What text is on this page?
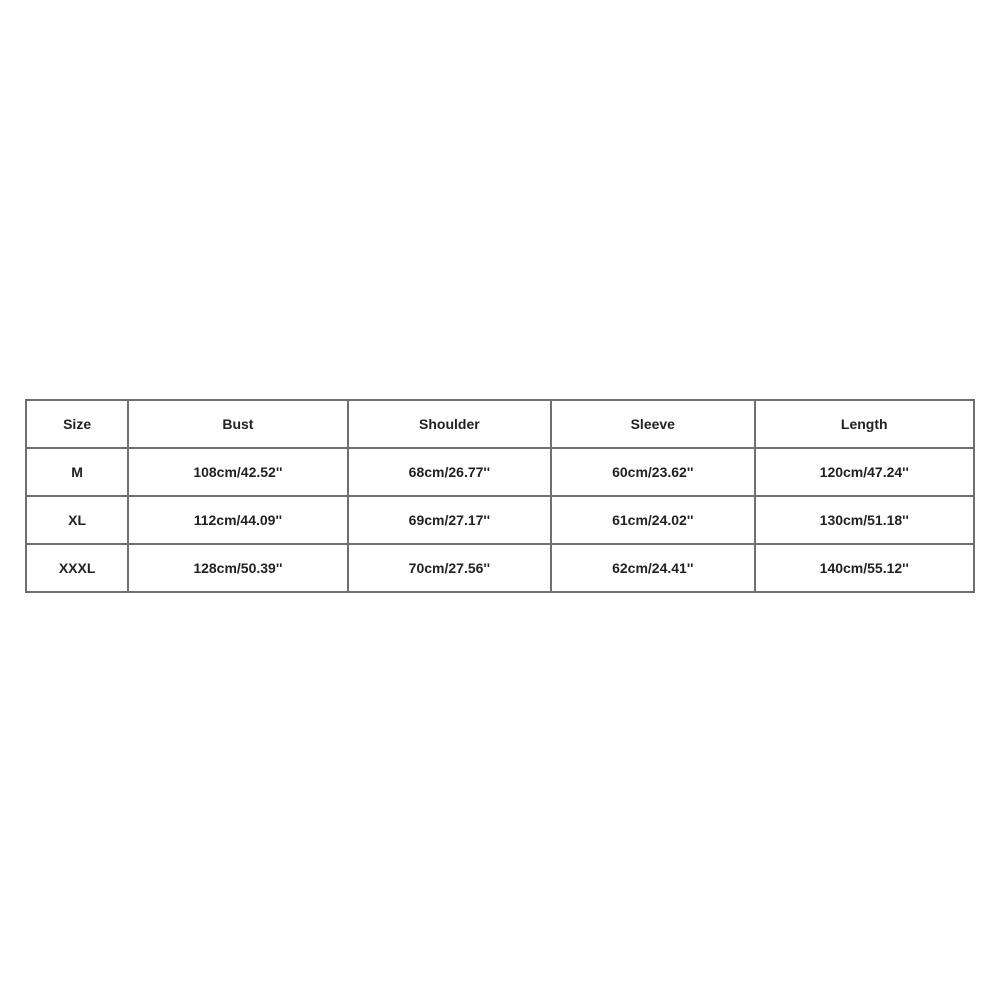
Size	Bust	Shoulder	Sleeve	Length
M	108cm/42.52''	68cm/26.77''	60cm/23.62''	120cm/47.24''
XL	112cm/44.09''	69cm/27.17''	61cm/24.02''	130cm/51.18''
XXXL	128cm/50.39''	70cm/27.56''	62cm/24.41''	140cm/55.12''
